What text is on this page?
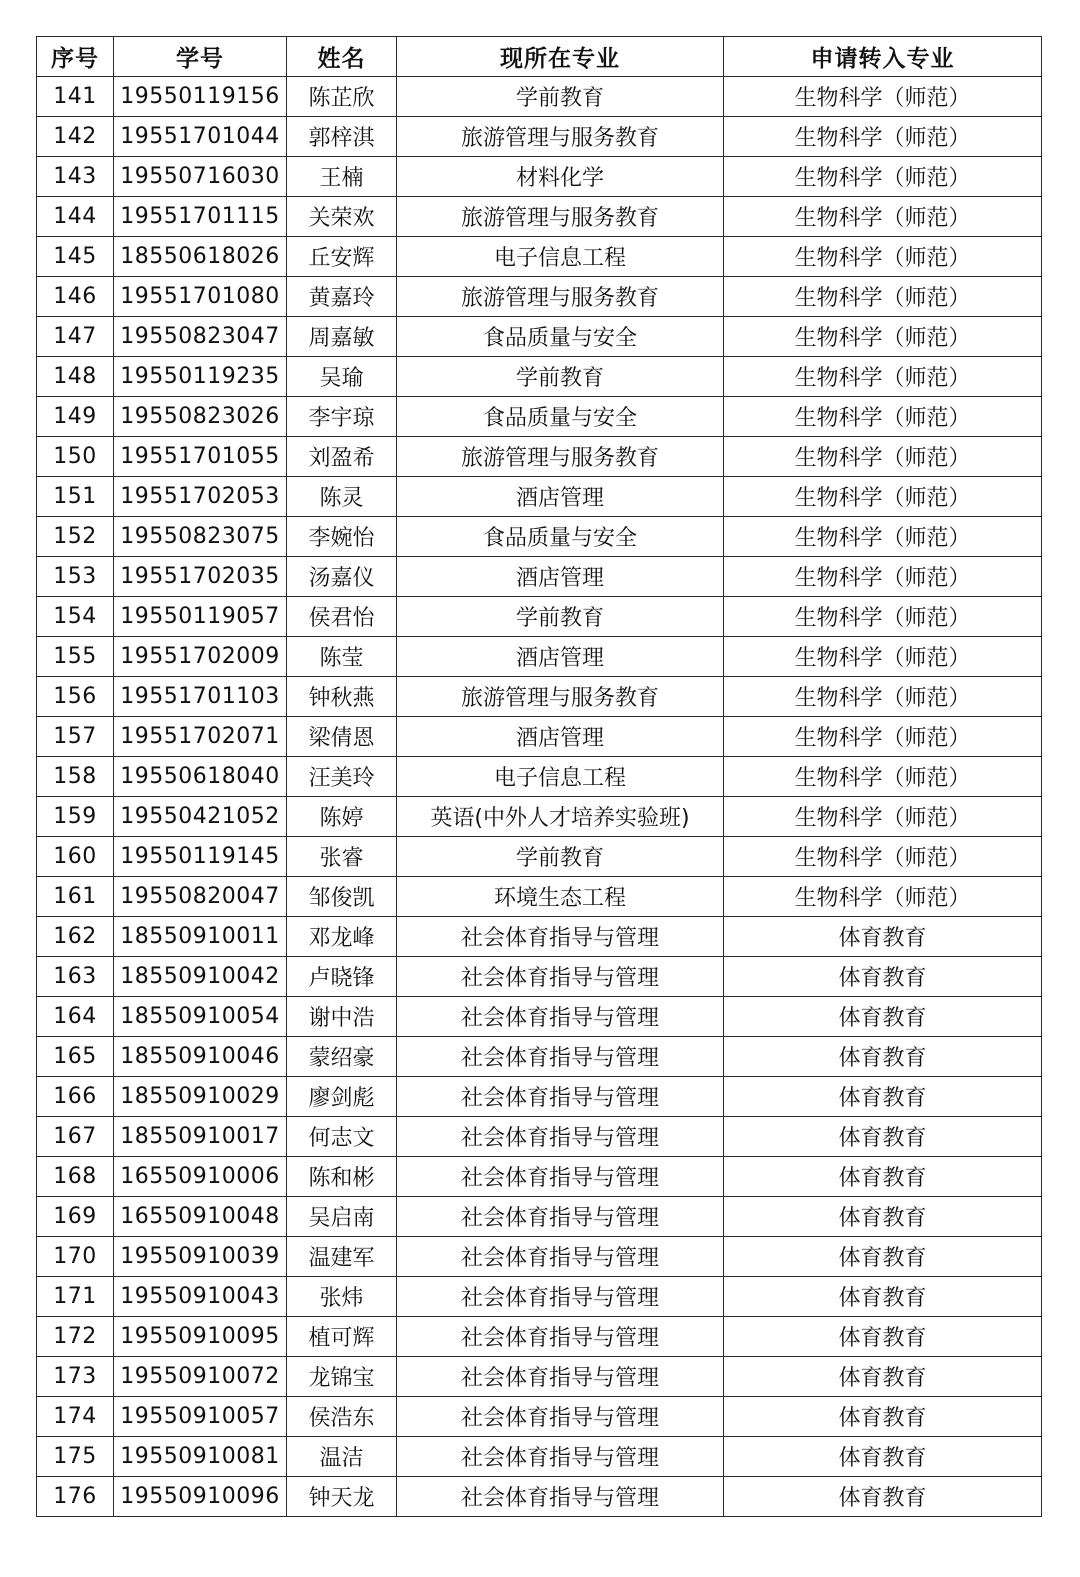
序号	学号	姓名	现所在专业	申请转入专业
141	19550119156	陈芷欣	学前教育	生物科学（师范）
142	19551701044	郭梓淇	旅游管理与服务教育	生物科学（师范）
143	19550716030	王楠	材料化学	生物科学（师范）
144	19551701115	关荣欢	旅游管理与服务教育	生物科学（师范）
145	18550618026	丘安辉	电子信息工程	生物科学（师范）
146	19551701080	黄嘉玲	旅游管理与服务教育	生物科学（师范）
147	19550823047	周嘉敏	食品质量与安全	生物科学（师范）
148	19550119235	吴瑜	学前教育	生物科学（师范）
149	19550823026	李宇琼	食品质量与安全	生物科学（师范）
150	19551701055	刘盈希	旅游管理与服务教育	生物科学（师范）
151	19551702053	陈灵	酒店管理	生物科学（师范）
152	19550823075	李婉怡	食品质量与安全	生物科学（师范）
153	19551702035	汤嘉仪	酒店管理	生物科学（师范）
154	19550119057	侯君怡	学前教育	生物科学（师范）
155	19551702009	陈莹	酒店管理	生物科学（师范）
156	19551701103	钟秋燕	旅游管理与服务教育	生物科学（师范）
157	19551702071	梁倩恩	酒店管理	生物科学（师范）
158	19550618040	汪美玲	电子信息工程	生物科学（师范）
159	19550421052	陈婷	英语(中外人才培养实验班)	生物科学（师范）
160	19550119145	张睿	学前教育	生物科学（师范）
161	19550820047	邹俊凯	环境生态工程	生物科学（师范）
162	18550910011	邓龙峰	社会体育指导与管理	体育教育
163	18550910042	卢晓锋	社会体育指导与管理	体育教育
164	18550910054	谢中浩	社会体育指导与管理	体育教育
165	18550910046	蒙绍豪	社会体育指导与管理	体育教育
166	18550910029	廖剑彪	社会体育指导与管理	体育教育
167	18550910017	何志文	社会体育指导与管理	体育教育
168	16550910006	陈和彬	社会体育指导与管理	体育教育
169	16550910048	吴启南	社会体育指导与管理	体育教育
170	19550910039	温建军	社会体育指导与管理	体育教育
171	19550910043	张炜	社会体育指导与管理	体育教育
172	19550910095	植可辉	社会体育指导与管理	体育教育
173	19550910072	龙锦宝	社会体育指导与管理	体育教育
174	19550910057	侯浩东	社会体育指导与管理	体育教育
175	19550910081	温洁	社会体育指导与管理	体育教育
176	19550910096	钟天龙	社会体育指导与管理	体育教育
